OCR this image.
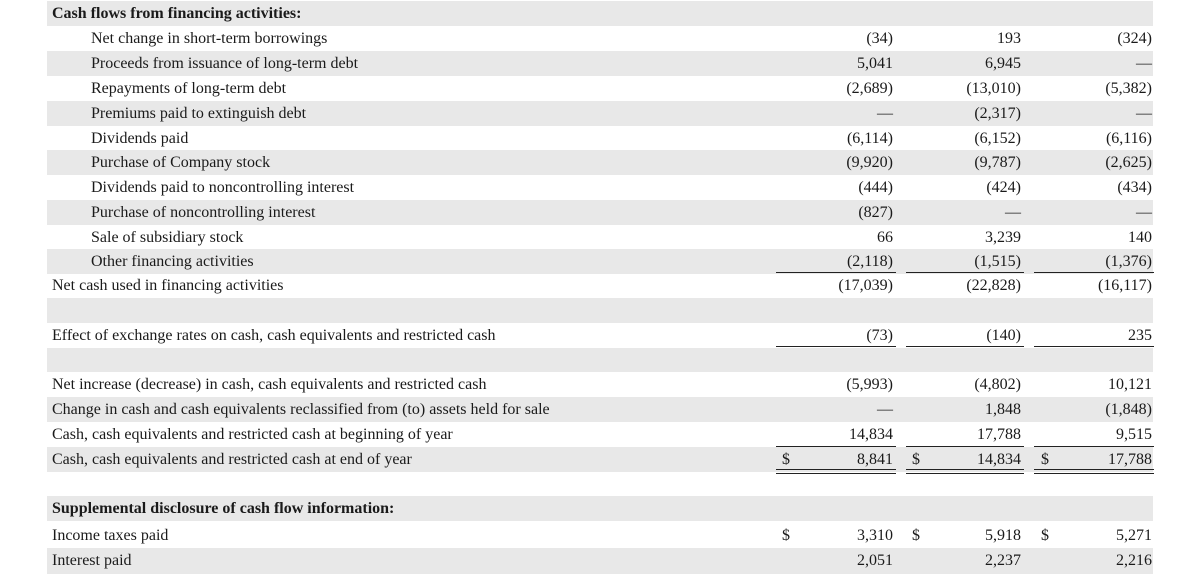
Cash flows from financing activities:
Net change in short-term borrowings	(34)	193	(324)
Proceeds from issuance of long-term debt	5,041	6,945	—
Repayments of long-term debt	(2,689)	(13,010)	(5,382)
Premiums paid to extinguish debt	—	(2,317)	—
Dividends paid	(6,114)	(6,152)	(6,116)
Purchase of Company stock	(9,920)	(9,787)	(2,625)
Dividends paid to noncontrolling interest	(444)	(424)	(434)
Purchase of noncontrolling interest	(827)	—	—
Sale of subsidiary stock	66	3,239	140
Other financing activities	(2,118)	(1,515)	(1,376)
Net cash used in financing activities	(17,039)	(22,828)	(16,117)
Effect of exchange rates on cash, cash equivalents and restricted cash	(73)	(140)	235
Net increase (decrease) in cash, cash equivalents and restricted cash	(5,993)	(4,802)	10,121
Change in cash and cash equivalents reclassified from (to) assets held for sale	—	1,848	(1,848)
Cash, cash equivalents and restricted cash at beginning of year	14,834	17,788	9,515
Cash, cash equivalents and restricted cash at end of year	$	8,841 $	14,834 $	17,788
Supplemental disclosure of cash flow information:
Income taxes paid	$	3,310 $	5,918 $	5,271
Interest paid	2,051	2,237	2,216
